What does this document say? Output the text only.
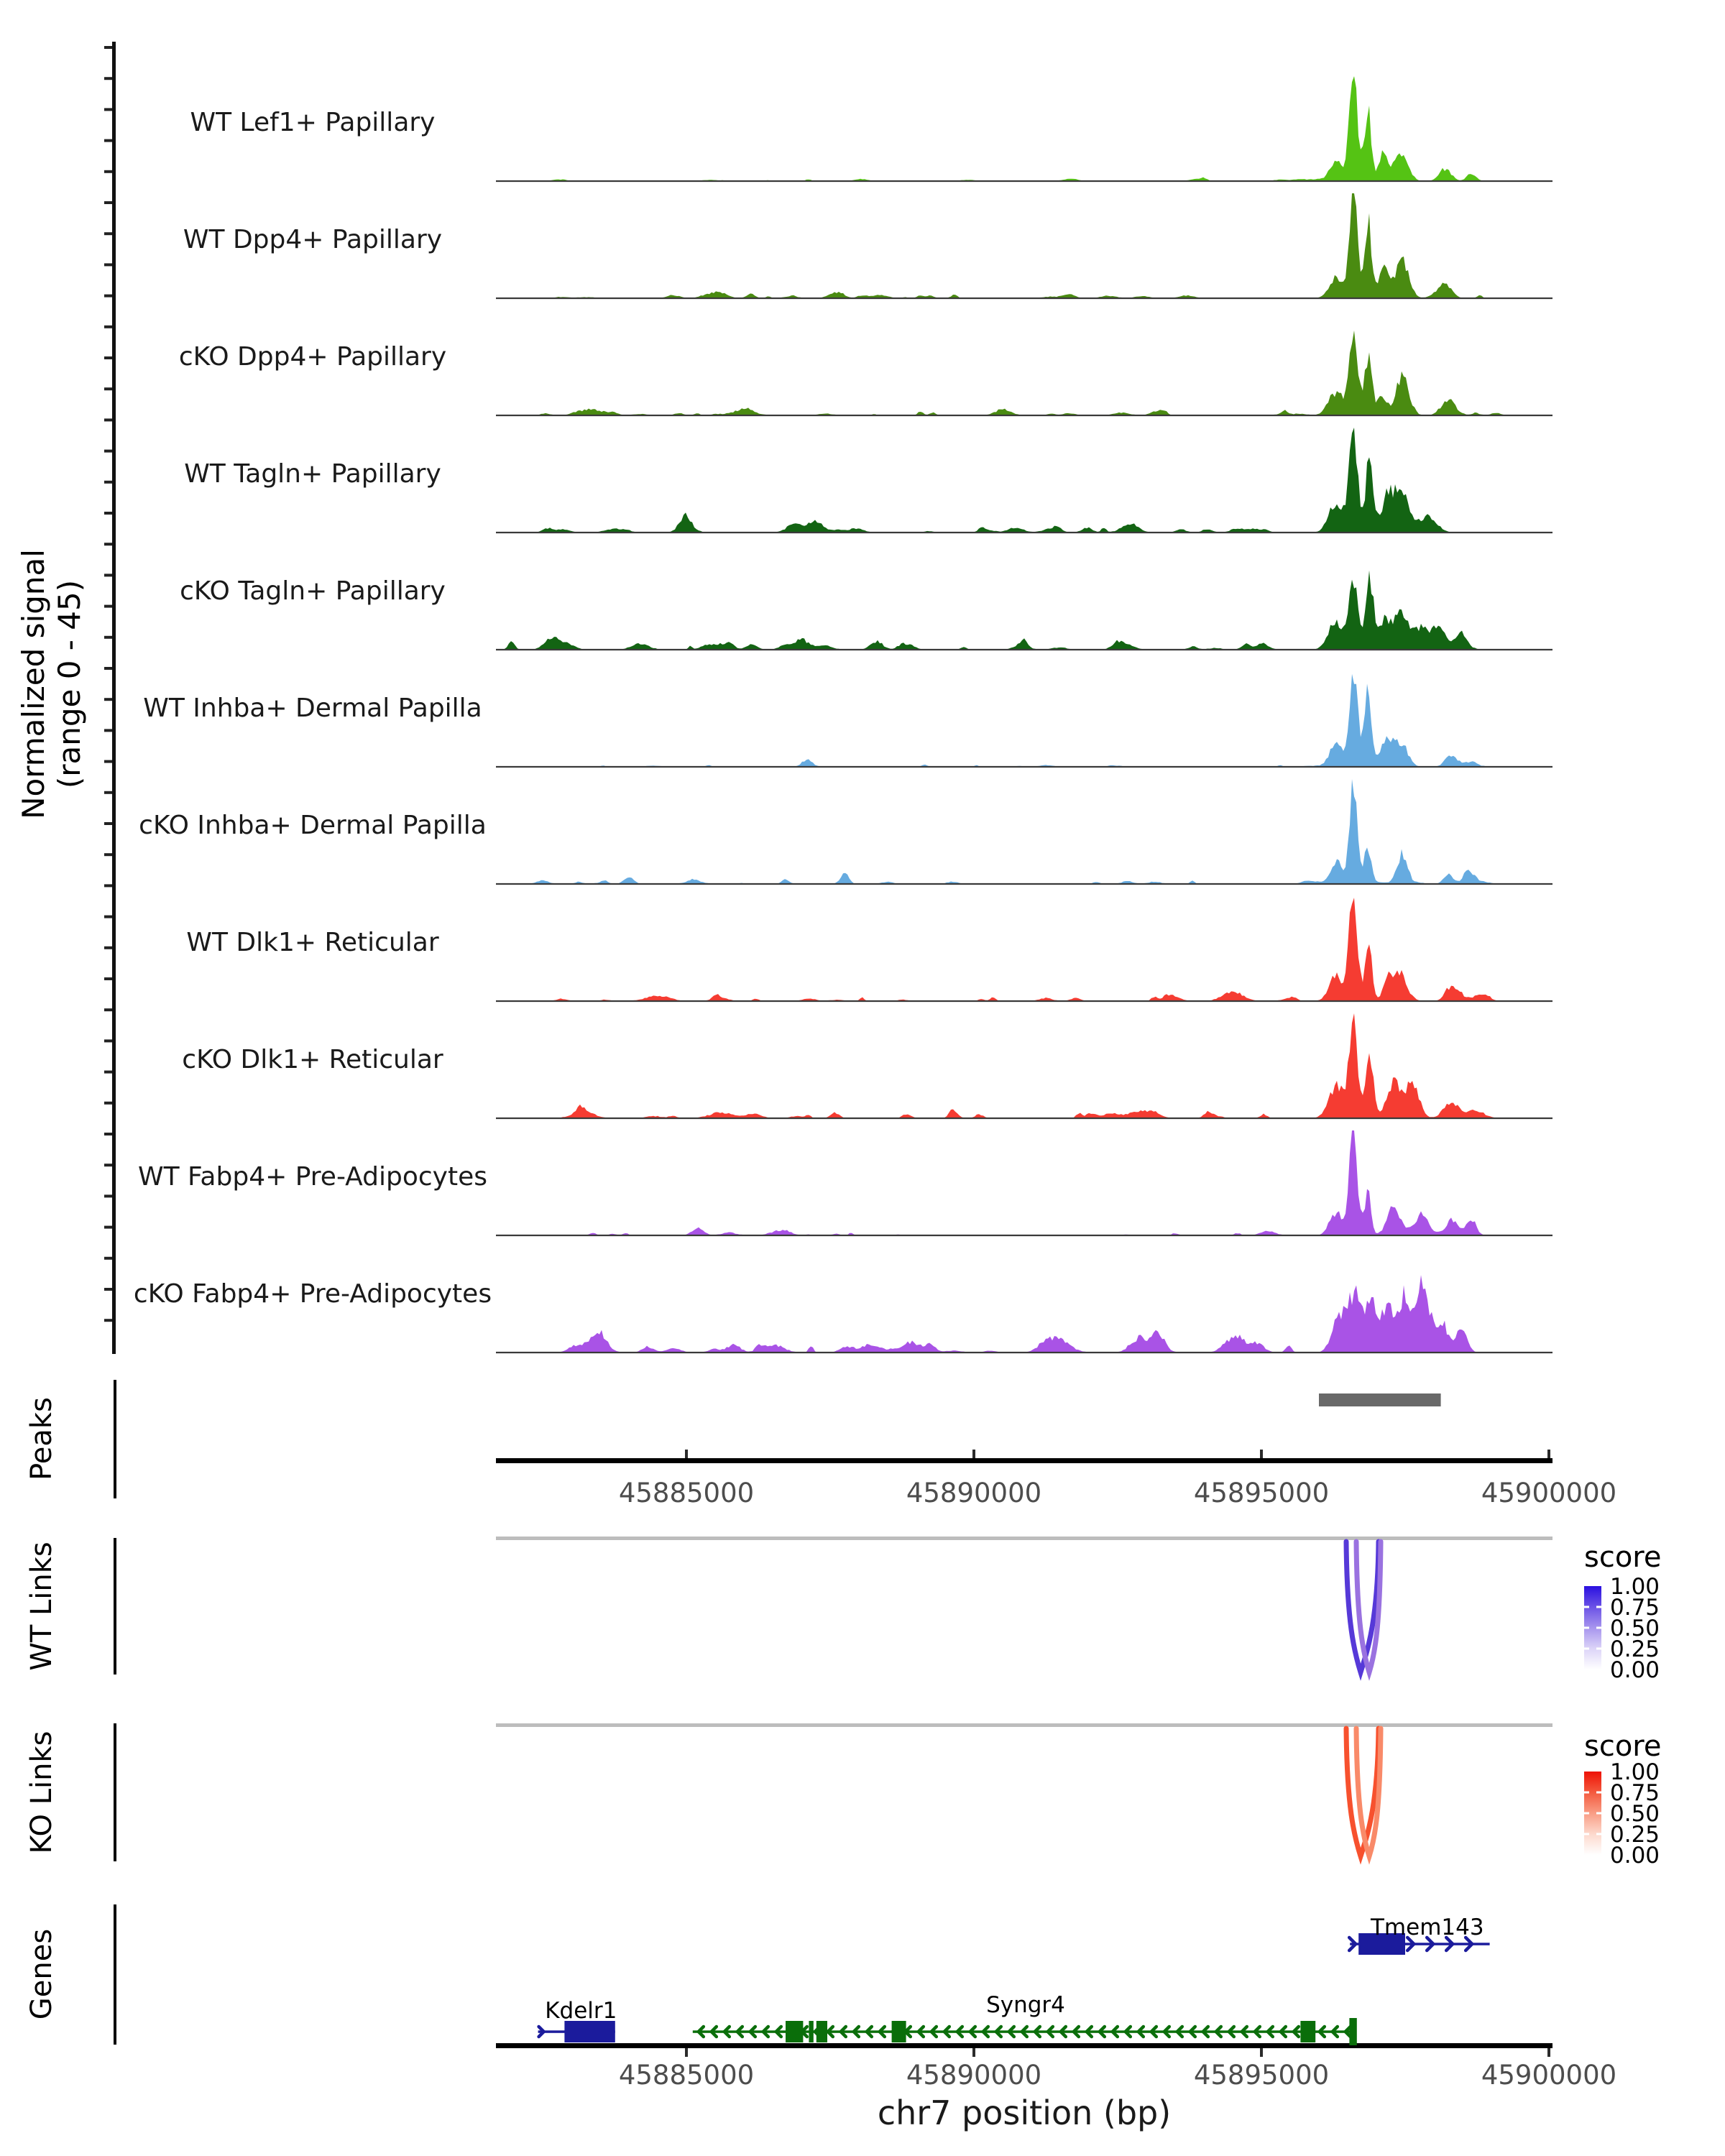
WT Lef1+ Papillary
WT Dpp4+ Papillary
cKO Dpp4+ Papillary
WT Tagln+ Papillary
cKO Tagln+ Papillary
WT Inhba+ Dermal Papilla
cKO Inhba+ Dermal Papilla
WT Dlk1+ Reticular
cKO Dlk1+ Reticular
WT Fabp4+ Pre-Adipocytes
cKO Fabp4+ Pre-Adipocytes
45885000	45890000	45895000	45900000
45885000	45890000	45895000	45900000
score
1.00
0.75
0.50
0.25
0.00
score
1.00
0.75
0.50
0.25
0.00
Kdelr1	Syngr4
Tmem143
Normalized signal (range 0 - 45)
Peaks
WT Links
KO Links
Genes
chr7 position (bp)
